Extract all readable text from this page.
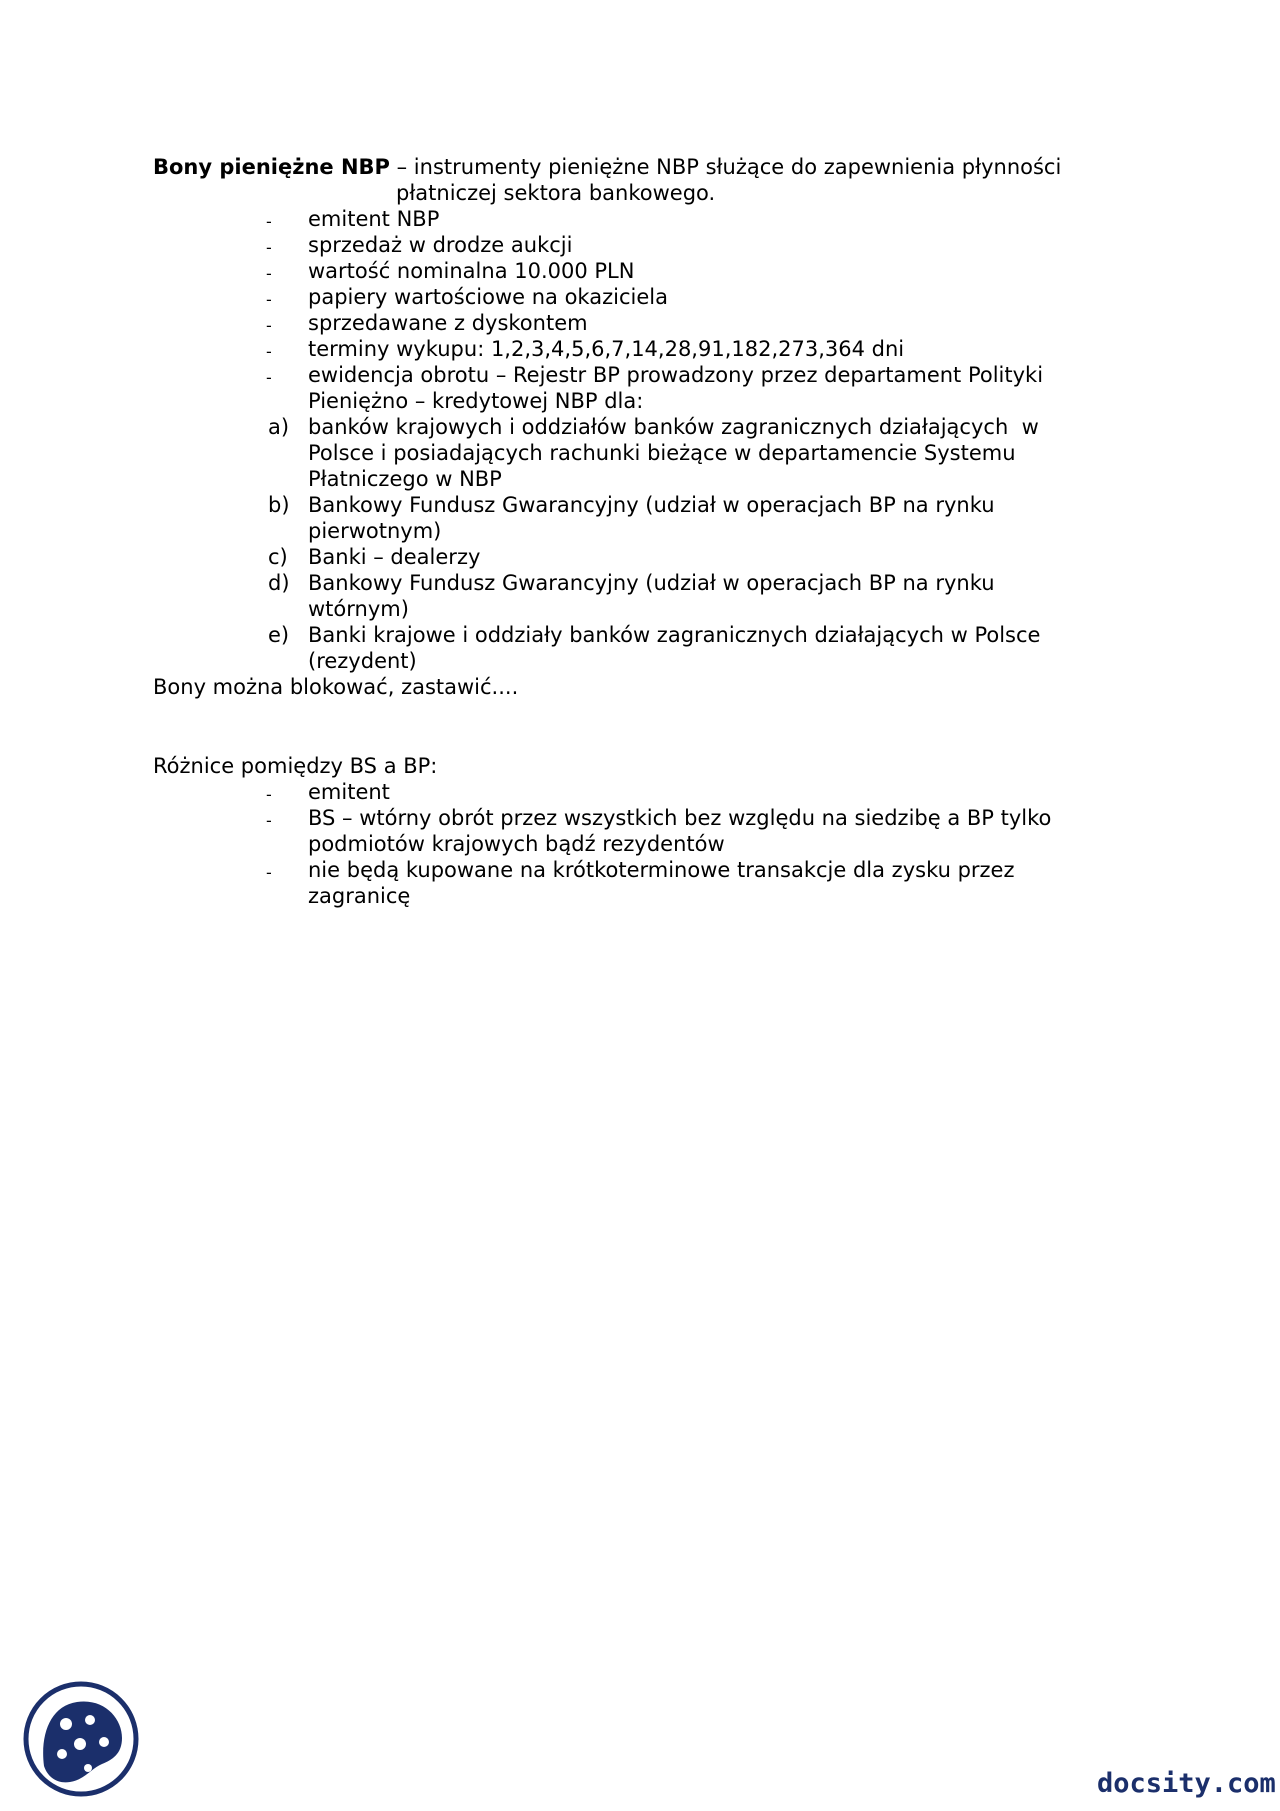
Bony pieniężne NBP – instrumenty pieniężne NBP służące do zapewnienia płynności
płatniczej sektora bankowego.
- emitent NBP
- sprzedaż w drodze aukcji
- wartość nominalna 10.000 PLN
- papiery wartościowe na okaziciela
- sprzedawane z dyskontem
- terminy wykupu: 1,2,3,4,5,6,7,14,28,91,182,273,364 dni
- ewidencja obrotu – Rejestr BP prowadzony przez departament Polityki
Pieniężno – kredytowej NBP dla:
a) banków krajowych i oddziałów banków zagranicznych działających  w
Polsce i posiadających rachunki bieżące w departamencie Systemu
Płatniczego w NBP
b) Bankowy Fundusz Gwarancyjny (udział w operacjach BP na rynku
pierwotnym)
c) Banki – dealerzy
d) Bankowy Fundusz Gwarancyjny (udział w operacjach BP na rynku
wtórnym)
e) Banki krajowe i oddziały banków zagranicznych działających w Polsce
(rezydent)
Bony można blokować, zastawić....
Różnice pomiędzy BS a BP:
- emitent
- BS – wtórny obrót przez wszystkich bez względu na siedzibę a BP tylko
podmiotów krajowych bądź rezydentów
- nie będą kupowane na krótkoterminowe transakcje dla zysku przez
zagranicę
docsity.com
